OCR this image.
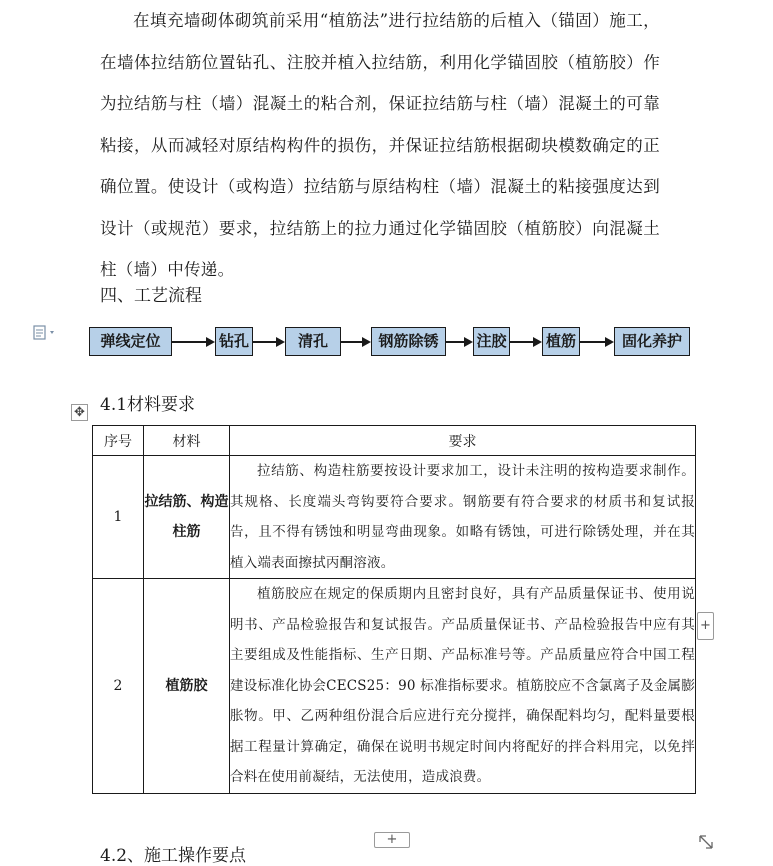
在填充墙砌体砌筑前采用“植筋法”进行拉结筋的后植入（锚固）施工，在墙体拉结筋位置钻孔、注胶并植入拉结筋，利用化学锚固胶（植筋胶）作为拉结筋与柱（墙）混凝土的粘合剂，保证拉结筋与柱（墙）混凝土的可靠粘接，从而减轻对原结构构件的损伤，并保证拉结筋根据砌块模数确定的正确位置。使设计（或构造）拉结筋与原结构柱（墙）混凝土的粘接强度达到设计（或规范）要求，拉结筋上的拉力通过化学锚固胶（植筋胶）向混凝土柱（墙）中传递。

四、工艺流程
弹线定位	钻孔	清孔	钢筋除锈	注胶	植筋	固化养护
4.1材料要求
✥
序号	材料	要求
1	拉结筋、构造柱筋	拉结筋、构造柱筋要按设计要求加工，设计未注明的按构造要求制作。其规格、长度端头弯钩要符合要求。钢筋要有符合要求的材质书和复试报告，且不得有锈蚀和明显弯曲现象。如略有锈蚀，可进行除锈处理，并在其植入端表面擦拭丙酮溶液。
2	植筋胶	植筋胶应在规定的保质期内且密封良好，具有产品质量保证书、使用说明书、产品检验报告和复试报告。产品质量保证书、产品检验报告中应有其主要组成及性能指标、生产日期、产品标准号等。产品质量应符合中国工程建设标准化协会CECS25：90 标准指标要求。植筋胶应不含氯离子及金属膨胀物。甲、乙两种组份混合后应进行充分搅拌，确保配料均匀，配料量要根据工程量计算确定，确保在说明书规定时间内将配好的拌合料用完，以免拌合料在使用前凝结，无法使用，造成浪费。
+
+
4.2、施工操作要点
